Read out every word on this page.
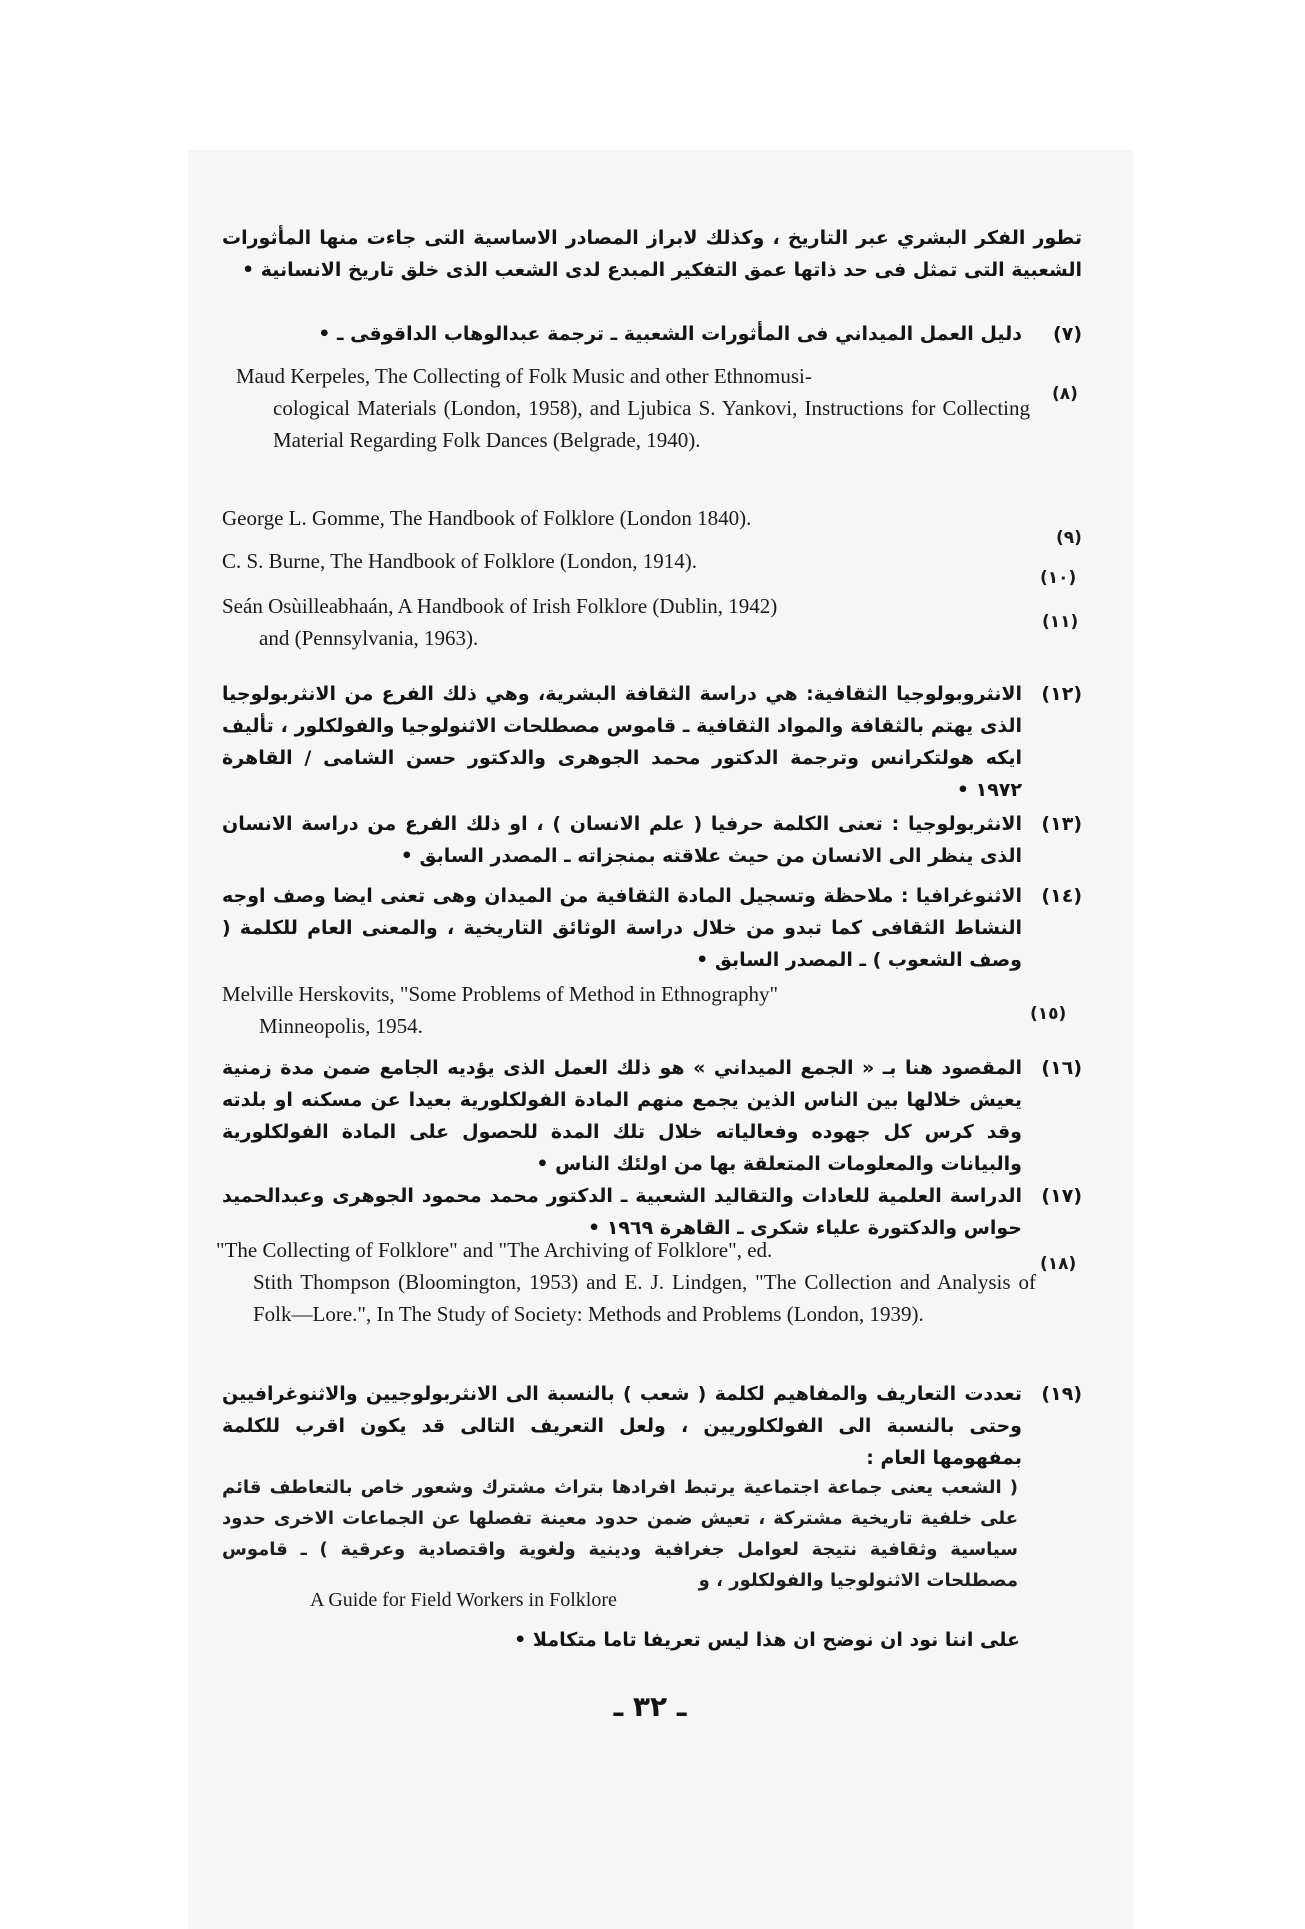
تطور الفكر البشري عبر التاريخ ، وكذلك لابراز المصادر الاساسية التى جاءت منها المأثورات الشعبية التى تمثل فى حد ذاتها عمق التفكير المبدع لدى الشعب الذى خلق تاريخ الانسانية •
(٧)
دليل العمل الميداني فى المأثورات الشعبية ـ ترجمة عبدالوهاب الداقوقى ـ •
(٨)
Maud Kerpeles, The Collecting of Folk Music and other Ethnomusi-
cological Materials (London, 1958), and Ljubica S. Yankovi, Instructions for Collecting Material Regarding Folk Dances (Belgrade, 1940).
(٩)
George L. Gomme, The Handbook of Folklore (London 1840).
(١٠)
C. S. Burne, The Handbook of Folklore (London, 1914).
(١١)
Seán Osùilleabhaán, A Handbook of Irish Folklore (Dublin, 1942)
and (Pennsylvania, 1963).
(١٢)
الانثروبولوجيا الثقافية: هي دراسة الثقافة البشرية، وهي ذلك الفرع من الانثربولوجيا الذى يهتم بالثقافة والمواد الثقافية ـ قاموس مصطلحات الاثنولوجيا والفولكلور ، تأليف ايكه هولتكرانس وترجمة الدكتور محمد الجوهرى والدكتور حسن الشامى / القاهرة ١٩٧٢ •
(١٣)
الانثربولوجيا : تعنى الكلمة حرفيا ( علم الانسان ) ، او ذلك الفرع من دراسة الانسان الذى ينظر الى الانسان من حيث علاقته بمنجزاته ـ المصدر السابق •
(١٤)
الاثنوغرافيا : ملاحظة وتسجيل المادة الثقافية من الميدان وهى تعنى ايضا وصف اوجه النشاط الثقافى كما تبدو من خلال دراسة الوثائق التاريخية ، والمعنى العام للكلمة ( وصف الشعوب ) ـ المصدر السابق •
(١٥)
Melville Herskovits, "Some Problems of Method in Ethnography"
Minneopolis, 1954.
(١٦)
المقصود هنا بـ « الجمع الميداني » هو ذلك العمل الذى يؤديه الجامع ضمن مدة زمنية يعيش خلالها بين الناس الذين يجمع منهم المادة الفولكلورية بعيدا عن مسكنه او بلدته وقد كرس كل جهوده وفعالياته خلال تلك المدة للحصول على المادة الفولكلورية والبيانات والمعلومات المتعلقة بها من اولئك الناس •
(١٧)
الدراسة العلمية للعادات والتقاليد الشعبية ـ الدكتور محمد محمود الجوهرى وعبدالحميد حواس والدكتورة علياء شكرى ـ القاهرة ١٩٦٩ •
(١٨)
"The Collecting of Folklore" and "The Archiving of Folklore", ed.
Stith Thompson (Bloomington, 1953) and E. J. Lindgen, "The Collection and Analysis of Folk—Lore.", In The Study of Society: Methods and Problems (London, 1939).
(١٩)
تعددت التعاريف والمفاهيم لكلمة ( شعب ) بالنسبة الى الانثربولوجيين والاثنوغرافيين وحتى بالنسبة الى الفولكلوريين ، ولعل التعريف التالى قد يكون اقرب للكلمة بمفهومها العام :
( الشعب يعنى جماعة اجتماعية يرتبط افرادها بتراث مشترك وشعور خاص بالتعاطف قائم على خلفية تاريخية مشتركة ، تعيش ضمن حدود معينة تفصلها عن الجماعات الاخرى حدود سياسية وثقافية نتيجة لعوامل جغرافية ودينية ولغوية واقتصادية وعرقية ) ـ قاموس مصطلحات الاثنولوجيا والفولكلور ، و
A Guide for Field Workers in Folklore
على اننا نود ان نوضح ان هذا ليس تعريفا تاما متكاملا •
ـ ٣٢ ـ
